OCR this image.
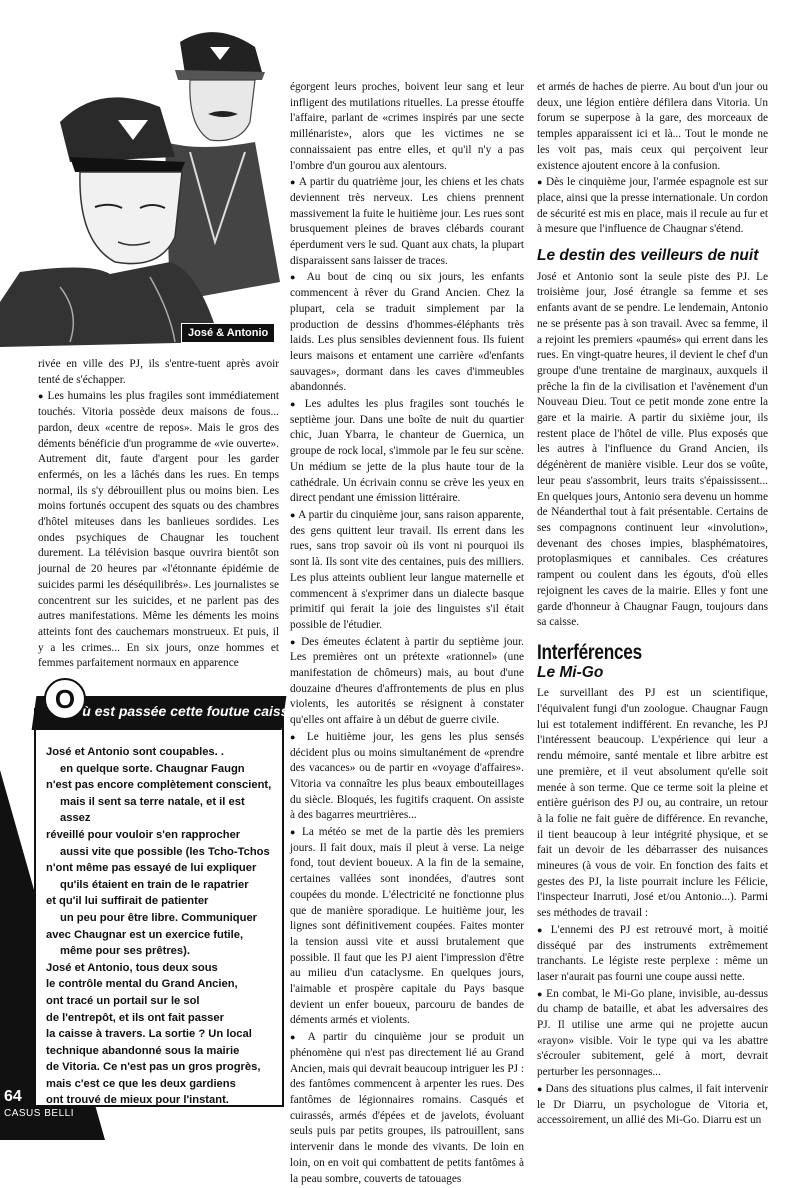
José & Antonio

rivée en ville des PJ, ils s'entre-tuent après avoir tenté de s'échapper.

● Les humains les plus fragiles sont immédiatement touchés. Vitoria possède deux maisons de fous... pardon, deux «centre de repos». Mais le gros des déments bénéficie d'un programme de «vie ouverte». Autrement dit, faute d'argent pour les garder enfermés, on les a lâchés dans les rues. En temps normal, ils s'y débrouillent plus ou moins bien. Les moins fortunés occupent des squats ou des chambres d'hôtel miteuses dans les banlieues sordides. Les ondes psychiques de Chaugnar les touchent durement. La télévision basque ouvrira bientôt son journal de 20 heures par «l'étonnante épidémie de suicides parmi les déséquilibrés». Les journalistes se concentrent sur les suicides, et ne parlent pas des autres manifestations. Même les déments les moins atteints font des cauchemars monstrueux. Et puis, il y a les crimes... En six jours, onze hommes et femmes parfaitement normaux en apparence

égorgent leurs proches, boivent leur sang et leur infligent des mutilations rituelles. La presse étouffe l'affaire, parlant de «crimes inspirés par une secte millénariste», alors que les victimes ne se connaissaient pas entre elles, et qu'il n'y a pas l'ombre d'un gourou aux alentours.

● A partir du quatrième jour, les chiens et les chats deviennent très nerveux. Les chiens prennent massivement la fuite le huitième jour. Les rues sont brusquement pleines de braves clébards courant éperdument vers le sud. Quant aux chats, la plupart disparaissent sans laisser de traces.

● Au bout de cinq ou six jours, les enfants commencent à rêver du Grand Ancien. Chez la plupart, cela se traduit simplement par la production de dessins d'hommes-éléphants très laids. Les plus sensibles deviennent fous. Ils fuient leurs maisons et entament une carrière «d'enfants sauvages», dormant dans les caves d'immeubles abandonnés.

● Les adultes les plus fragiles sont touchés le septième jour. Dans une boîte de nuit du quartier chic, Juan Ybarra, le chanteur de Guernica, un groupe de rock local, s'immole par le feu sur scène. Un médium se jette de la plus haute tour de la cathédrale. Un écrivain connu se crève les yeux en direct pendant une émission littéraire.

● A partir du cinquième jour, sans raison apparente, des gens quittent leur travail. Ils errent dans les rues, sans trop savoir où ils vont ni pourquoi ils sont là. Ils sont vite des centaines, puis des milliers. Les plus atteints oublient leur langue maternelle et commencent à s'exprimer dans un dialecte basque primitif qui ferait la joie des linguistes s'il était possible de l'étudier.

● Des émeutes éclatent à partir du septième jour. Les premières ont un prétexte «rationnel» (une manifestation de chômeurs) mais, au bout d'une douzaine d'heures d'affrontements de plus en plus violents, les autorités se résignent à constater qu'elles ont affaire à un début de guerre civile.

● Le huitième jour, les gens les plus sensés décident plus ou moins simultanément de «prendre des vacances» ou de partir en «voyage d'affaires». Vitoria va connaître les plus beaux embouteillages du siècle. Bloqués, les fugitifs craquent. On assiste à des bagarres meurtrières...

● La météo se met de la partie dès les premiers jours. Il fait doux, mais il pleut à verse. La neige fond, tout devient boueux. A la fin de la semaine, certaines vallées sont inondées, d'autres sont coupées du monde. L'électricité ne fonctionne plus que de manière sporadique. Le huitième jour, les lignes sont définitivement coupées. Faites monter la tension aussi vite et aussi brutalement que possible. Il faut que les PJ aient l'impression d'être au milieu d'un cataclysme. En quelques jours, l'aimable et prospère capitale du Pays basque devient un enfer boueux, parcouru de bandes de déments armés et violents.

● A partir du cinquième jour se produit un phénomène qui n'est pas directement lié au Grand Ancien, mais qui devrait beaucoup intriguer les PJ : des fantômes commencent à arpenter les rues. Des fantômes de légionnaires romains. Casqués et cuirassés, armés d'épées et de javelots, évoluant seuls puis par petits groupes, ils patrouillent, sans intervenir dans le monde des vivants. De loin en loin, on en voit qui combattent de petits fantômes à la peau sombre, couverts de tatouages

et armés de haches de pierre. Au bout d'un jour ou deux, une légion entière défilera dans Vitoria. Un forum se superpose à la gare, des morceaux de temples apparaissent ici et là... Tout le monde ne les voit pas, mais ceux qui perçoivent leur existence ajoutent encore à la confusion.

● Dès le cinquième jour, l'armée espagnole est sur place, ainsi que la presse internationale. Un cordon de sécurité est mis en place, mais il recule au fur et à mesure que l'influence de Chaugnar s'étend.

Le destin des veilleurs de nuit

José et Antonio sont la seule piste des PJ. Le troisième jour, José étrangle sa femme et ses enfants avant de se pendre. Le lendemain, Antonio ne se présente pas à son travail. Avec sa femme, il a rejoint les premiers «paumés» qui errent dans les rues. En vingt-quatre heures, il devient le chef d'un groupe d'une trentaine de marginaux, auxquels il prêche la fin de la civilisation et l'avènement d'un Nouveau Dieu. Tout ce petit monde zone entre la gare et la mairie. A partir du sixième jour, ils restent place de l'hôtel de ville. Plus exposés que les autres à l'influence du Grand Ancien, ils dégénèrent de manière visible. Leur dos se voûte, leur peau s'assombrit, leurs traits s'épaississent... En quelques jours, Antonio sera devenu un homme de Néanderthal tout à fait présentable. Certains de ses compagnons continuent leur «involution», devenant des choses impies, blasphématoires, protoplasmiques et cannibales. Ces créatures rampent ou coulent dans les égouts, d'où elles rejoignent les caves de la mairie. Elles y font une garde d'honneur à Chaugnar Faugn, toujours dans sa caisse.

Interférences
Le Mi-Go

Le surveillant des PJ est un scientifique, l'équivalent fungi d'un zoologue. Chaugnar Faugn lui est totalement indifférent. En revanche, les PJ l'intéressent beaucoup. L'expérience qui leur a rendu mémoire, santé mentale et libre arbitre est une première, et il veut absolument qu'elle soit menée à son terme. Que ce terme soit la pleine et entière guérison des PJ ou, au contraire, un retour à la folie ne fait guère de différence. En revanche, il tient beaucoup à leur intégrité physique, et se fait un devoir de les débarrasser des nuisances mineures (à vous de voir. En fonction des faits et gestes des PJ, la liste pourrait inclure les Félicie, l'inspecteur Inarruti, José et/ou Antonio...). Parmi ses méthodes de travail :

● L'ennemi des PJ est retrouvé mort, à moitié disséqué par des instruments extrêmement tranchants. Le légiste reste perplexe : même un laser n'aurait pas fourni une coupe aussi nette.

● En combat, le Mi-Go plane, invisible, au-dessus du champ de bataille, et abat les adversaires des PJ. Il utilise une arme qui ne projette aucun «rayon» visible. Voir le type qui va les abattre s'écrouler subitement, gelé à mort, devrait perturber les personnages...

● Dans des situations plus calmes, il fait intervenir le Dr Diarru, un psychologue de Vitoria et, accessoirement, un allié des Mi-Go. Diarru est un

O ù est passée cette foutue caisse ?

José et Antonio sont coupables. .

en quelque sorte. Chaugnar Faugn

n'est pas encore complètement conscient,

mais il sent sa terre natale, et il est assez

réveillé pour vouloir s'en rapprocher

aussi vite que possible (les Tcho-Tchos

n'ont même pas essayé de lui expliquer

qu'ils étaient en train de le rapatrier

et qu'il lui suffirait de patienter

un peu pour être libre. Communiquer

avec Chaugnar est un exercice futile,

même pour ses prêtres).

José et Antonio, tous deux sous

le contrôle mental du Grand Ancien,

ont tracé un portail sur le sol

de l'entrepôt, et ils ont fait passer

la caisse à travers. La sortie ? Un local

technique abandonné sous la mairie

de Vitoria. Ce n'est pas un gros progrès,

mais c'est ce que les deux gardiens

ont trouvé de mieux pour l'instant.

64
CASUS BELLI
